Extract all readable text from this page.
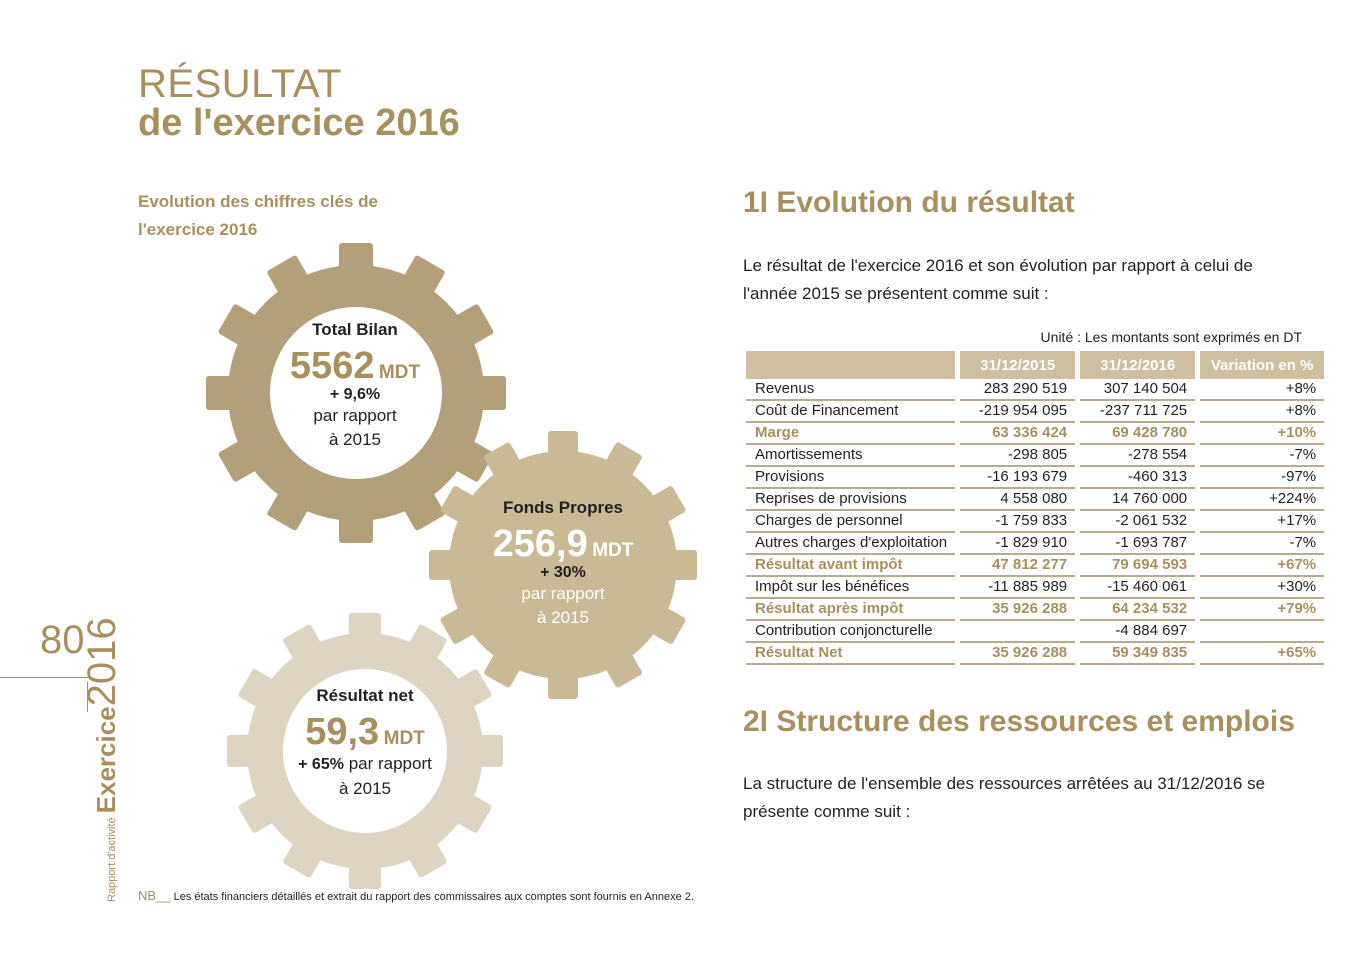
RÉSULTAT
de l'exercice 2016
Evolution des chiffres clés de l'exercice 2016
Total Bilan
5562 MDT
+ 9,6%
par rapport
à 2015
Fonds Propres
256,9 MDT
+ 30%
par rapport
à 2015
Résultat net
59,3 MDT
+ 65% par rapport
à 2015
80
Rapport d'activitéExercice2016
NB__ Les états financiers détaillés et extrait du rapport des commissaires aux comptes sont fournis en Annexe 2.
1I Evolution du résultat
Le résultat de l'exercice 2016 et son évolution par rapport à celui de l'année 2015 se présentent comme suit :
Unité : Les montants sont exprimés en DT
	31/12/2015	31/12/2016	Variation en %
Revenus	283 290 519	307 140 504	+8%
Coût de Financement	-219 954 095	-237 711 725	+8%
Marge	63 336 424	69 428 780	+10%
Amortissements	-298 805	-278 554	-7%
Provisions	-16 193 679	-460 313	-97%
Reprises de provisions	4 558 080	14 760 000	+224%
Charges de personnel	-1 759 833	-2 061 532	+17%
Autres charges d'exploitation	-1 829 910	-1 693 787	-7%
Résultat avant impôt	47 812 277	79 694 593	+67%
Impôt sur les bénéfices	-11 885 989	-15 460 061	+30%
Résultat après impôt	35 926 288	64 234 532	+79%
Contribution conjoncturelle		-4 884 697	
Résultat Net	35 926 288	59 349 835	+65%
2I Structure des ressources et emplois
La structure de l'ensemble des ressources arrêtées au 31/12/2016 se présente comme suit :
